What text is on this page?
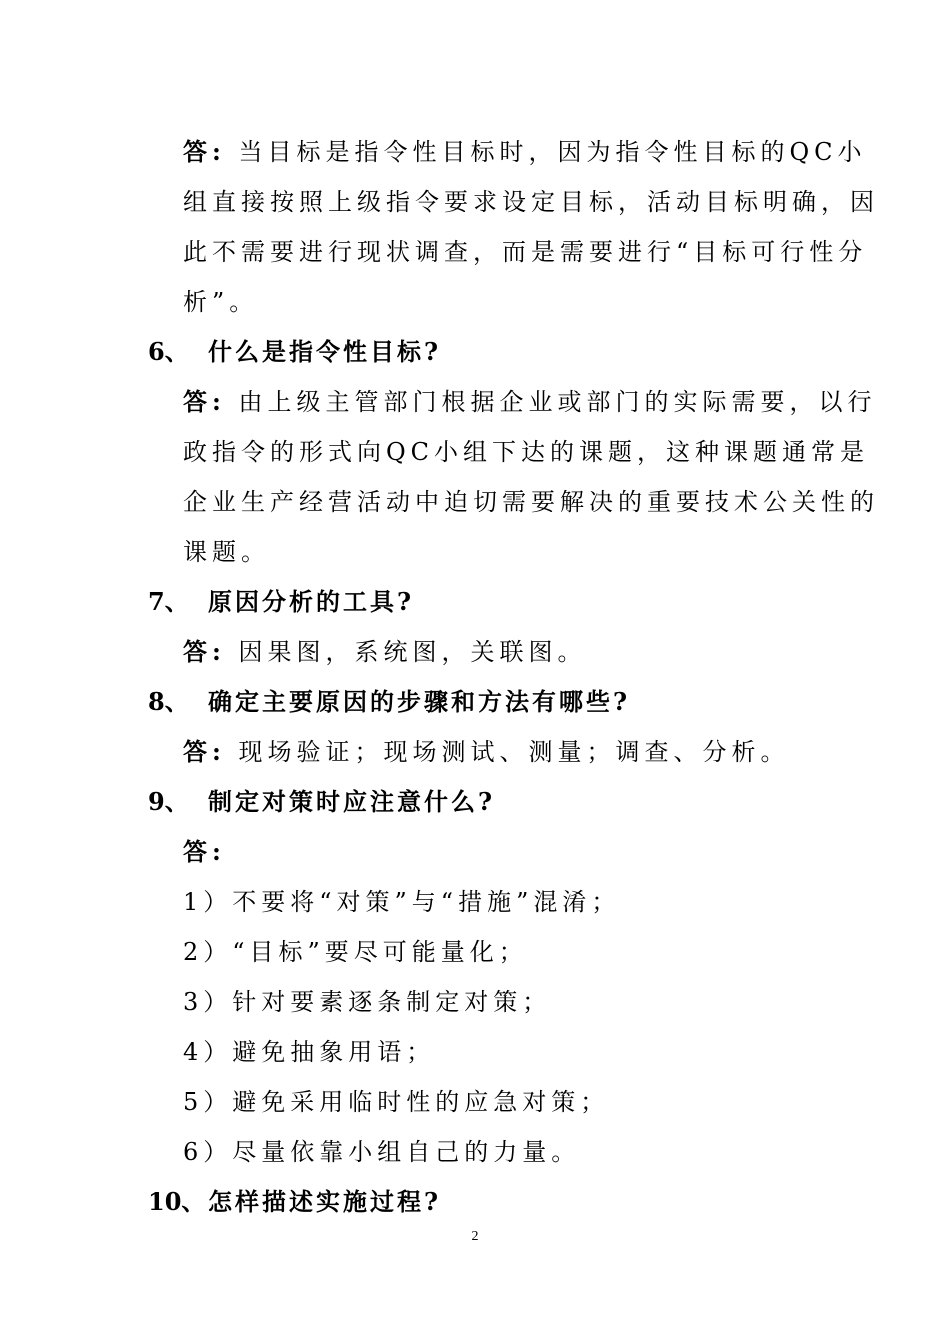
答: 当目标是指令性目标时，因为指令性目标的QC小

组直接按照上级指令要求设定目标，活动目标明确，因

此不需要进行现状调查，而是需要进行“目标可行性分

析”。

6、 什么是指令性目标?

答: 由上级主管部门根据企业或部门的实际需要，以行

政指令的形式向QC小组下达的课题，这种课题通常是

企业生产经营活动中迫切需要解决的重要技术公关性的

课题。

7、 原因分析的工具?

答: 因果图，系统图，关联图。

8、 确定主要原因的步骤和方法有哪些?

答: 现场验证；现场测试、测量；调查、分析。

9、 制定对策时应注意什么?

答:

1）不要将“对策”与“措施”混淆；

2）“目标”要尽可能量化；

3）针对要素逐条制定对策；

4）避免抽象用语；

5）避免采用临时性的应急对策；

6）尽量依靠小组自己的力量。

10、 怎样描述实施过程?
2
